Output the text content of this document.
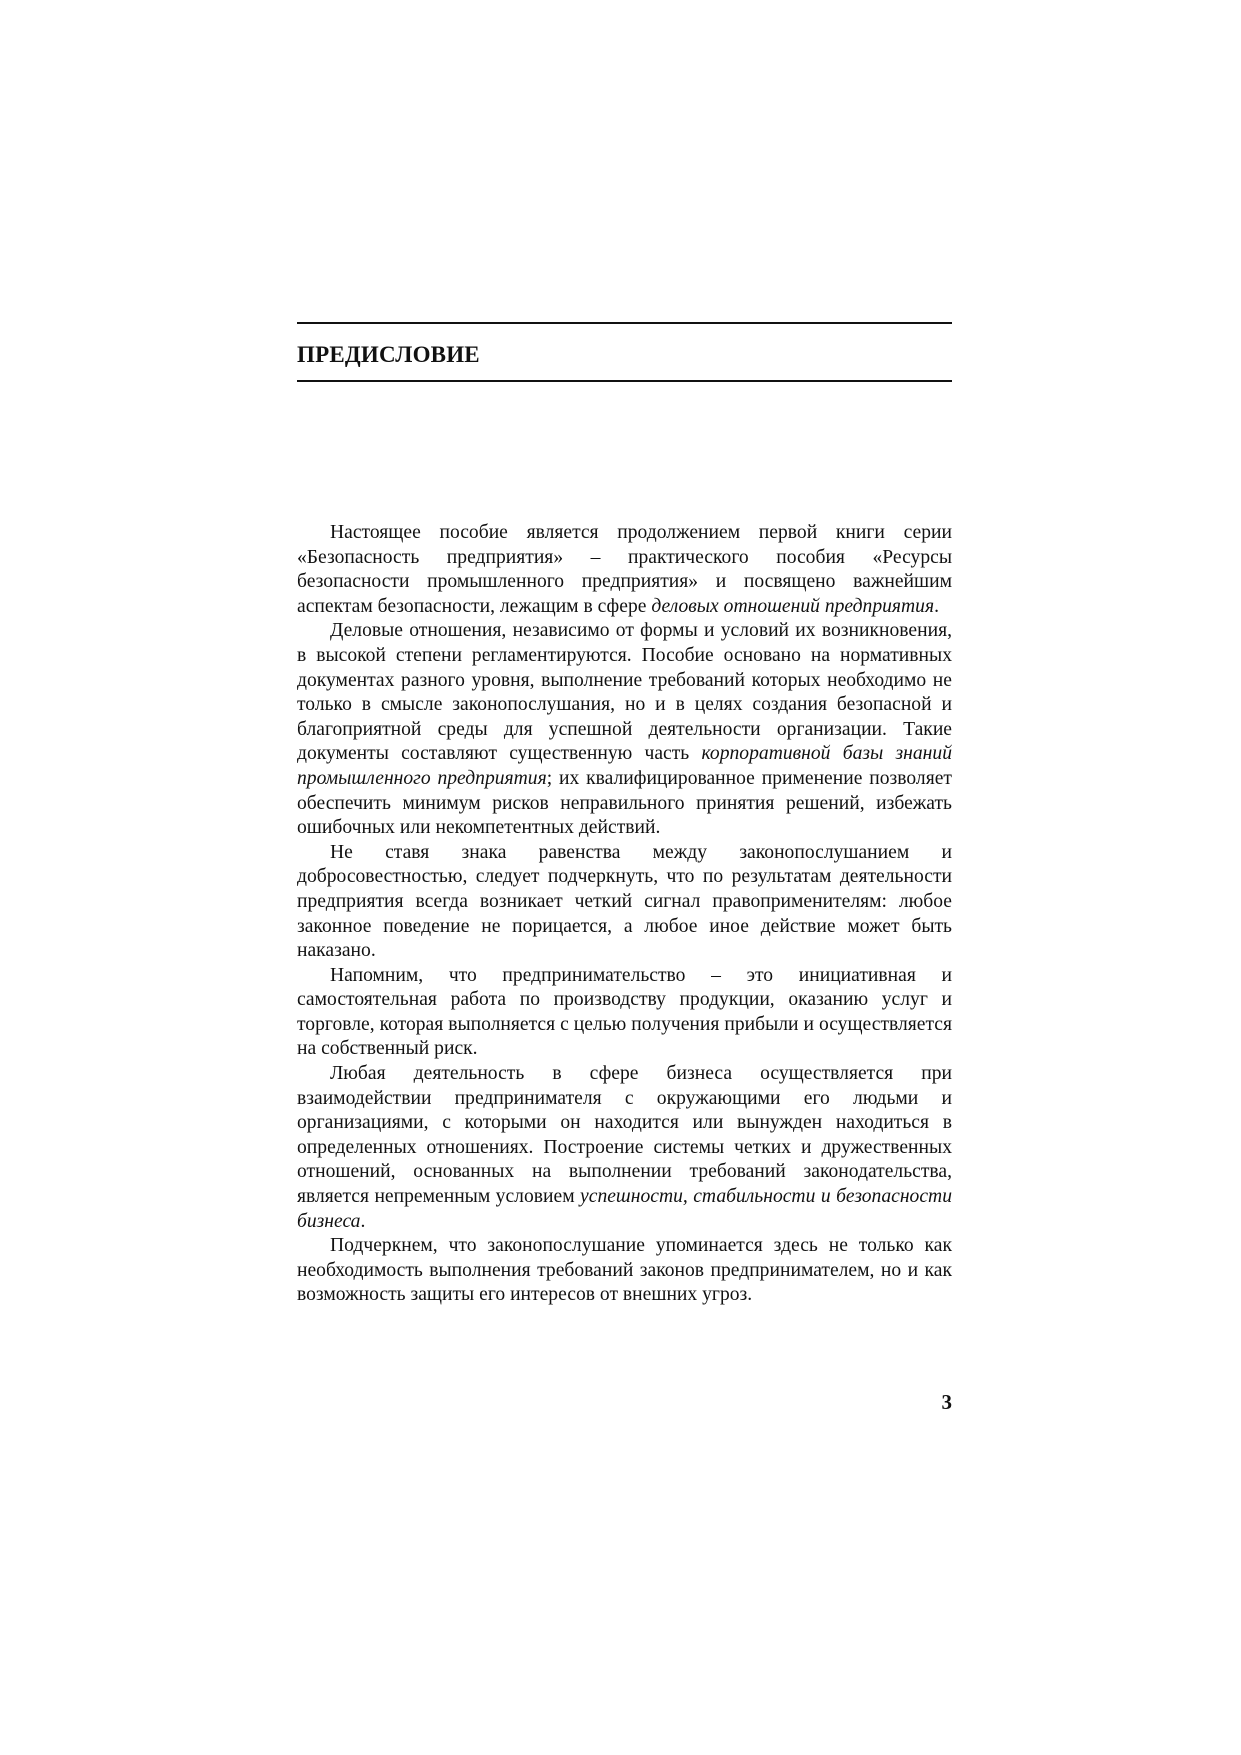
ПРЕДИСЛОВИЕ

Настоящее пособие является продолжением первой книги серии «Безопасность предприятия» – практического пособия «Ресурсы безопасности промышленного предприятия» и посвящено важнейшим аспектам безопасности, лежащим в сфере деловых отношений предприятия.

Деловые отношения, независимо от формы и условий их возникновения, в высокой степени регламентируются. Пособие основано на нормативных документах разного уровня, выполнение требований которых необходимо не только в смысле законопослушания, но и в целях создания безопасной и благоприятной среды для успешной деятельности организации. Такие документы составляют существенную часть корпоративной базы знаний промышленного предприятия; их квалифицированное применение позволяет обеспечить минимум рисков неправильного принятия решений, избежать ошибочных или некомпетентных действий.

Не ставя знака равенства между законопослушанием и добросовестностью, следует подчеркнуть, что по результатам деятельности предприятия всегда возникает четкий сигнал правоприменителям: любое законное поведение не порицается, а любое иное действие может быть наказано.

Напомним, что предпринимательство – это инициативная и самостоятельная работа по производству продукции, оказанию услуг и торговле, которая выполняется с целью получения прибыли и осуществляется на собственный риск.

Любая деятельность в сфере бизнеса осуществляется при взаимодействии предпринимателя с окружающими его людьми и организациями, с которыми он находится или вынужден находиться в определенных отношениях. Построение системы четких и дружественных отношений, основанных на выполнении требований законодательства, является непременным условием успешности, стабильности и безопасности бизнеса.

Подчеркнем, что законопослушание упоминается здесь не только как необходимость выполнения требований законов предпринимателем, но и как возможность защиты его интересов от внешних угроз.

3
